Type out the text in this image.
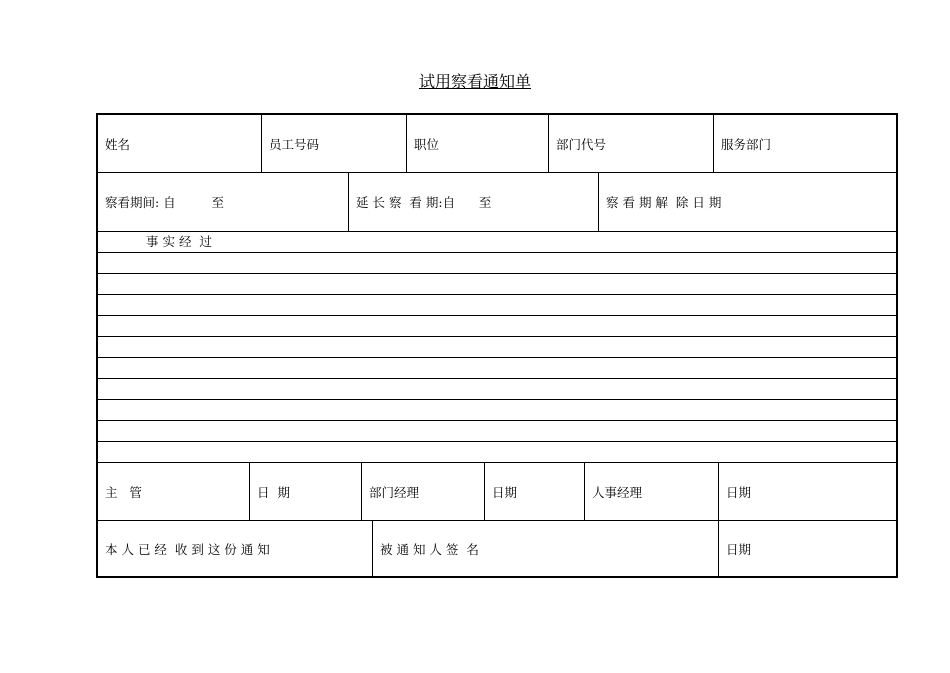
试用察看通知单
姓名	员工号码	职位	部门代号	服务部门
察看期间: 自         至	延 长 察  看 期:自      至	察 看 期 解  除 日 期
事 实 经  过
主   管	日  期	部门经理	日期	人事经理	日期
本 人 已 经  收 到 这 份 通 知	被 通 知 人 签  名	日期
